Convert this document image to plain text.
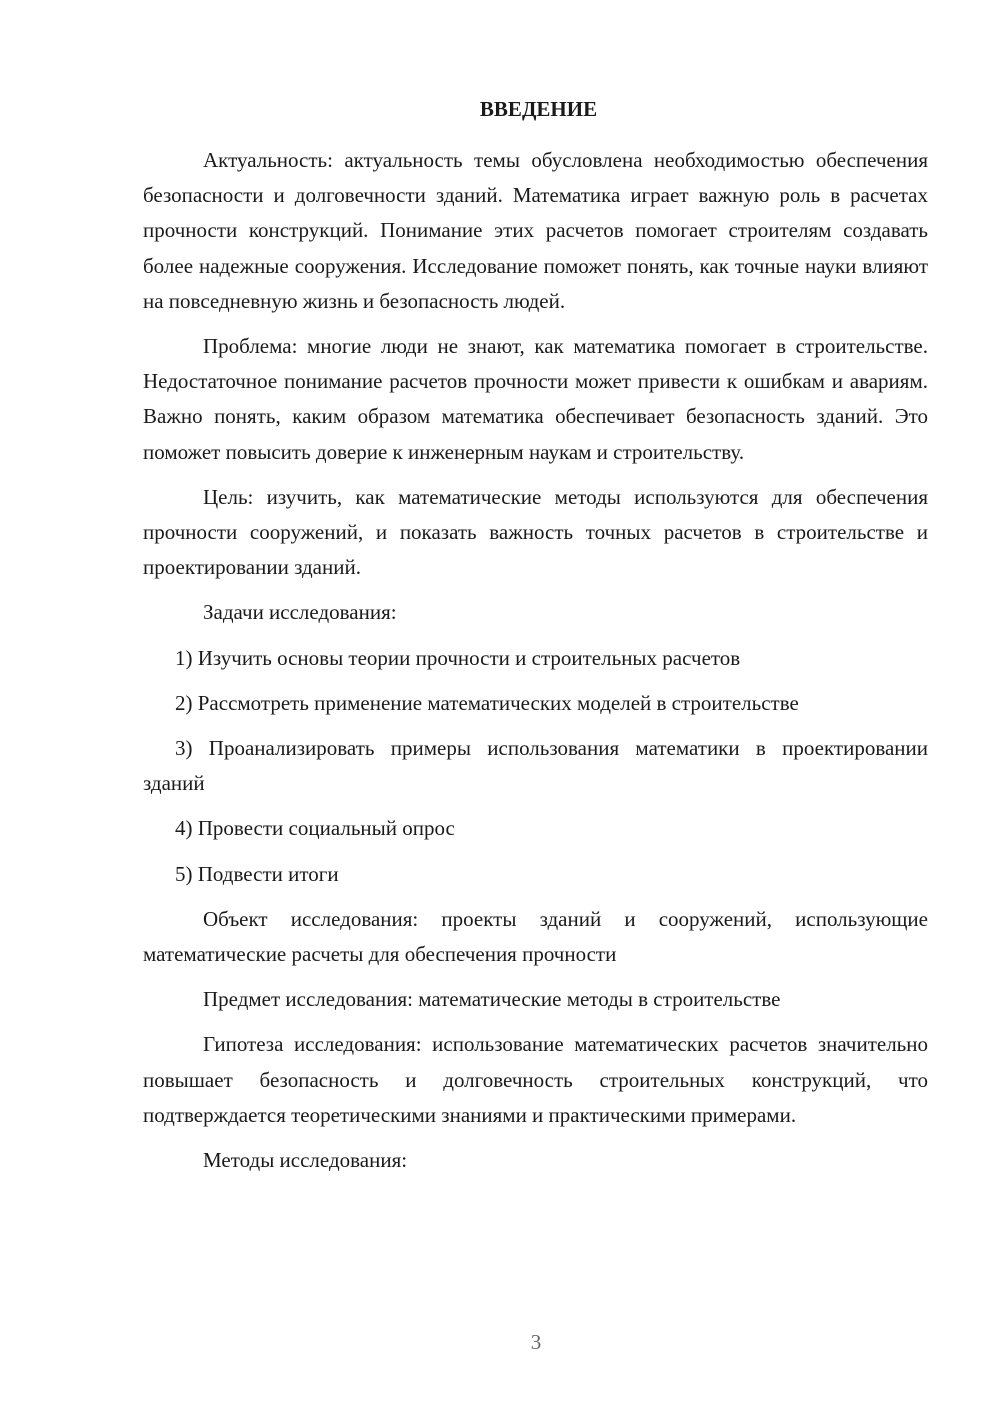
ВВЕДЕНИЕ

Актуальность: актуальность темы обусловлена необходимостью обеспечения безопасности и долговечности зданий. Математика играет важную роль в расчетах прочности конструкций. Понимание этих расчетов помогает строителям создавать более надежные сооружения. Исследование поможет понять, как точные науки влияют на повседневную жизнь и безопасность людей.

Проблема: многие люди не знают, как математика помогает в строительстве. Недостаточное понимание расчетов прочности может привести к ошибкам и авариям. Важно понять, каким образом математика обеспечивает безопасность зданий. Это поможет повысить доверие к инженерным наукам и строительству.

Цель: изучить, как математические методы используются для обеспечения прочности сооружений, и показать важность точных расчетов в строительстве и проектировании зданий.

Задачи исследования:

1) Изучить основы теории прочности и строительных расчетов

2) Рассмотреть применение математических моделей в строительстве

3) Проанализировать примеры использования математики в проектировании зданий

4) Провести социальный опрос

5) Подвести итоги

Объект исследования: проекты зданий и сооружений, использующие математические расчеты для обеспечения прочности

Предмет исследования: математические методы в строительстве

Гипотеза исследования: использование математических расчетов значительно повышает безопасность и долговечность строительных конструкций, что подтверждается теоретическими знаниями и практическими примерами.

Методы исследования:

3
